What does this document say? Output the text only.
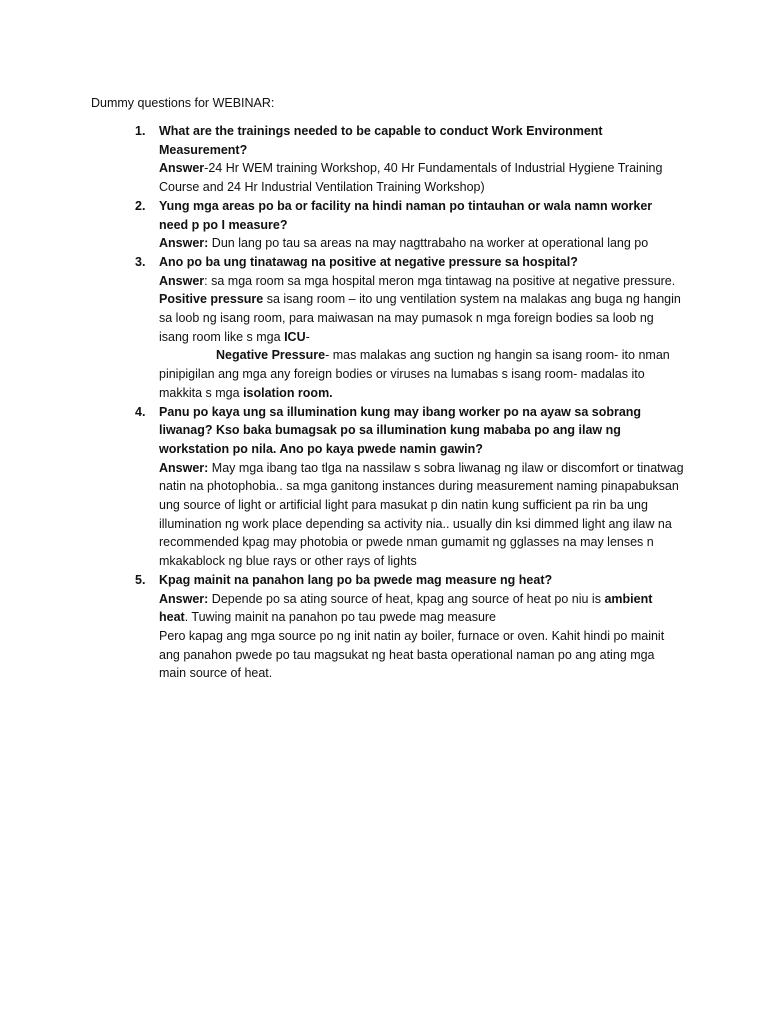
Dummy questions for WEBINAR:
1. What are the trainings needed to be capable to conduct Work Environment Measurement?

Answer-24 Hr WEM training Workshop, 40 Hr Fundamentals of Industrial Hygiene Training Course and 24 Hr Industrial Ventilation Training Workshop)

2. Yung mga areas po ba or facility na hindi naman po tintauhan or wala namn worker need p po I measure?

Answer: Dun lang po tau sa areas na may nagttrabaho na worker at operational lang po

3. Ano po ba ung tinatawag na positive at negative pressure sa hospital?

Answer: sa mga room sa mga hospital meron mga tintawag na positive at negative pressure.

Positive pressure sa isang room – ito ung ventilation system na malakas ang buga ng hangin sa loob ng isang room, para maiwasan na may pumasok n mga foreign bodies sa loob ng isang room like s mga ICU-

Negative Pressure- mas malakas ang suction ng hangin sa isang room- ito nman pinipigilan ang mga any foreign bodies or viruses na lumabas s isang room- madalas ito makkita s mga isolation room.

4. Panu po kaya ung sa illumination kung may ibang worker po na ayaw sa sobrang liwanag? Kso baka bumagsak po sa illumination kung mababa po ang ilaw ng workstation po nila. Ano po kaya pwede namin gawin?

Answer: May mga ibang tao tlga na nassilaw s sobra liwanag ng ilaw or discomfort or tinatwag natin na photophobia.. sa mga ganitong instances during measurement naming pinapabuksan ung source of light or artificial light para masukat p din natin kung sufficient pa rin ba ung illumination ng work place depending sa activity nia.. usually din ksi dimmed light ang ilaw na recommended kpag may photobia or pwede nman gumamit ng gglasses na may lenses n mkakablock ng blue rays or other rays of lights

5. Kpag mainit na panahon lang po ba pwede mag measure ng heat?

Answer: Depende po sa ating source of heat, kpag ang source of heat po niu is ambient heat. Tuwing mainit na panahon po tau pwede mag measure

Pero kapag ang mga source po ng init natin ay boiler, furnace or oven. Kahit hindi po mainit ang panahon pwede po tau magsukat ng heat basta operational naman po ang ating mga main source of heat.
